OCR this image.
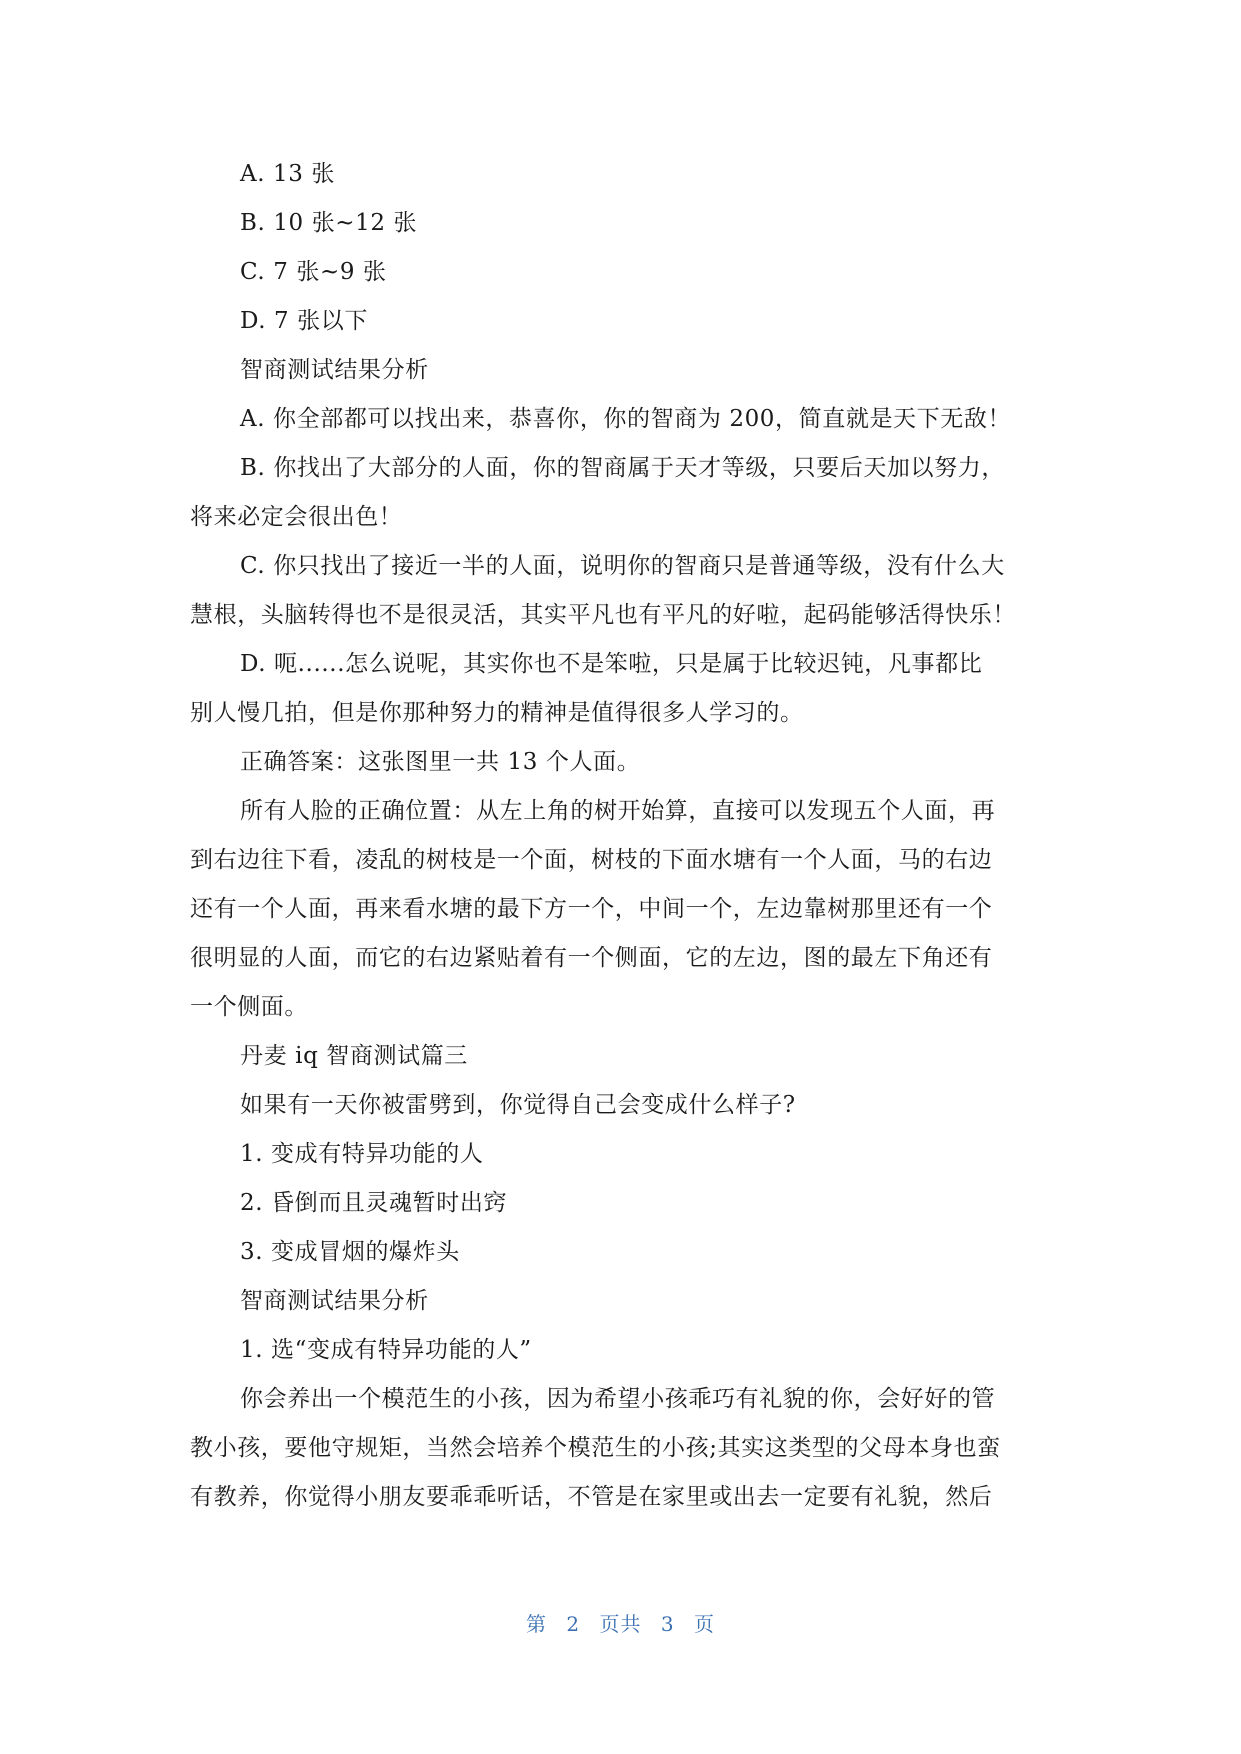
A. 13 张
B. 10 张~12 张
C. 7 张~9 张
D. 7 张以下
智商测试结果分析
A. 你全部都可以找出来，恭喜你，你的智商为 200，简直就是天下无敌！
B. 你找出了大部分的人面，你的智商属于天才等级，只要后天加以努力，
将来必定会很出色！
C. 你只找出了接近一半的人面，说明你的智商只是普通等级，没有什么大
慧根，头脑转得也不是很灵活，其实平凡也有平凡的好啦，起码能够活得快乐！
D. 呃......怎么说呢，其实你也不是笨啦，只是属于比较迟钝，凡事都比
别人慢几拍，但是你那种努力的精神是值得很多人学习的。
正确答案：这张图里一共 13 个人面。
所有人脸的正确位置：从左上角的树开始算，直接可以发现五个人面，再
到右边往下看，凌乱的树枝是一个面，树枝的下面水塘有一个人面，马的右边
还有一个人面，再来看水塘的最下方一个，中间一个，左边靠树那里还有一个
很明显的人面，而它的右边紧贴着有一个侧面，它的左边，图的最左下角还有
一个侧面。
丹麦 iq 智商测试篇三
如果有一天你被雷劈到，你觉得自己会变成什么样子?
1. 变成有特异功能的人
2. 昏倒而且灵魂暂时出窍
3. 变成冒烟的爆炸头
智商测试结果分析
1. 选“变成有特异功能的人”
你会养出一个模范生的小孩，因为希望小孩乖巧有礼貌的你，会好好的管
教小孩，要他守规矩，当然会培养个模范生的小孩;其实这类型的父母本身也蛮
有教养，你觉得小朋友要乖乖听话，不管是在家里或出去一定要有礼貌，然后
第 2 页共 3 页
